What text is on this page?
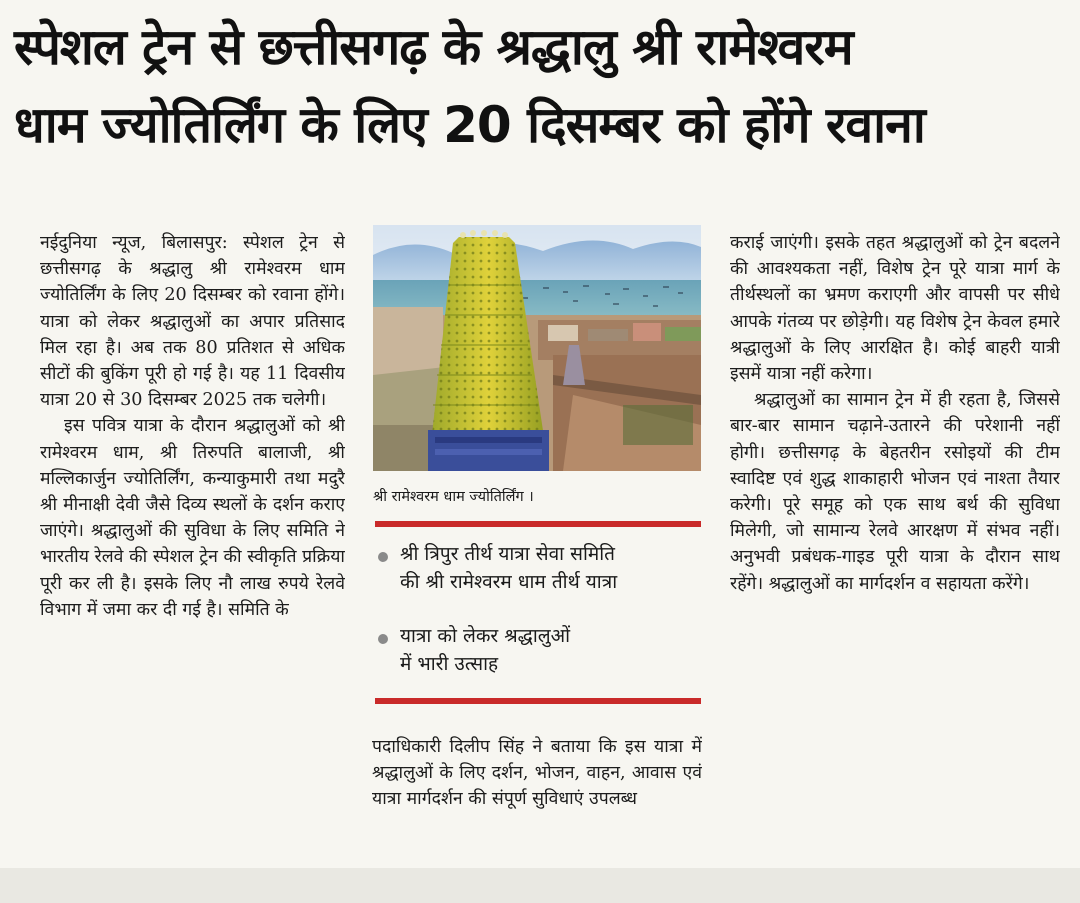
स्पेशल ट्रेन से छत्तीसगढ़ के श्रद्धालु श्री रामेश्वरम
धाम ज्योतिर्लिंग के लिए 20 दिसम्बर को होंगे रवाना

नईदुनिया न्यूज, बिलासपुर: स्पेशल ट्रेन से छत्तीसगढ़ के श्रद्धालु श्री रामेश्वरम धाम ज्योतिर्लिंग के लिए 20 दिसम्बर को रवाना होंगे। यात्रा को लेकर श्रद्धालुओं का अपार प्रतिसाद मिल रहा है। अब तक 80 प्रतिशत से अधिक सीटों की बुकिंग पूरी हो गई है। यह 11 दिवसीय यात्रा 20 से 30 दिसम्बर 2025 तक चलेगी।

इस पवित्र यात्रा के दौरान श्रद्धालुओं को श्री रामेश्वरम धाम, श्री तिरुपति बालाजी, श्री मल्लिकार्जुन ज्योतिर्लिंग, कन्याकुमारी तथा मदुरै श्री मीनाक्षी देवी जैसे दिव्य स्थलों के दर्शन कराए जाएंगे। श्रद्धालुओं की सुविधा के लिए समिति ने भारतीय रेलवे की स्पेशल ट्रेन की स्वीकृति प्रक्रिया पूरी कर ली है। इसके लिए नौ लाख रुपये रेलवे विभाग में जमा कर दी गई है। समिति के

श्री रामेश्वरम धाम ज्योतिर्लिंग ।
श्री त्रिपुर तीर्थ यात्रा सेवा समिति
की श्री रामेश्वरम धाम तीर्थ यात्रा
यात्रा को लेकर श्रद्धालुओं
में भारी उत्साह

पदाधिकारी दिलीप सिंह ने बताया कि इस यात्रा में श्रद्धालुओं के लिए दर्शन, भोजन, वाहन, आवास एवं यात्रा मार्गदर्शन की संपूर्ण सुविधाएं उपलब्ध

कराई जाएंगी। इसके तहत श्रद्धालुओं को ट्रेन बदलने की आवश्यकता नहीं, विशेष ट्रेन पूरे यात्रा मार्ग के तीर्थस्थलों का भ्रमण कराएगी और वापसी पर सीधे आपके गंतव्य पर छोड़ेगी। यह विशेष ट्रेन केवल हमारे श्रद्धालुओं के लिए आरक्षित है। कोई बाहरी यात्री इसमें यात्रा नहीं करेगा।

श्रद्धालुओं का सामान ट्रेन में ही रहता है, जिससे बार-बार सामान चढ़ाने-उतारने की परेशानी नहीं होगी। छत्तीसगढ़ के बेहतरीन रसोइयों की टीम स्वादिष्ट एवं शुद्ध शाकाहारी भोजन एवं नाश्ता तैयार करेगी। पूरे समूह को एक साथ बर्थ की सुविधा मिलेगी, जो सामान्य रेलवे आरक्षण में संभव नहीं। अनुभवी प्रबंधक-गाइड पूरी यात्रा के दौरान साथ रहेंगे। श्रद्धालुओं का मार्गदर्शन व सहायता करेंगे।
